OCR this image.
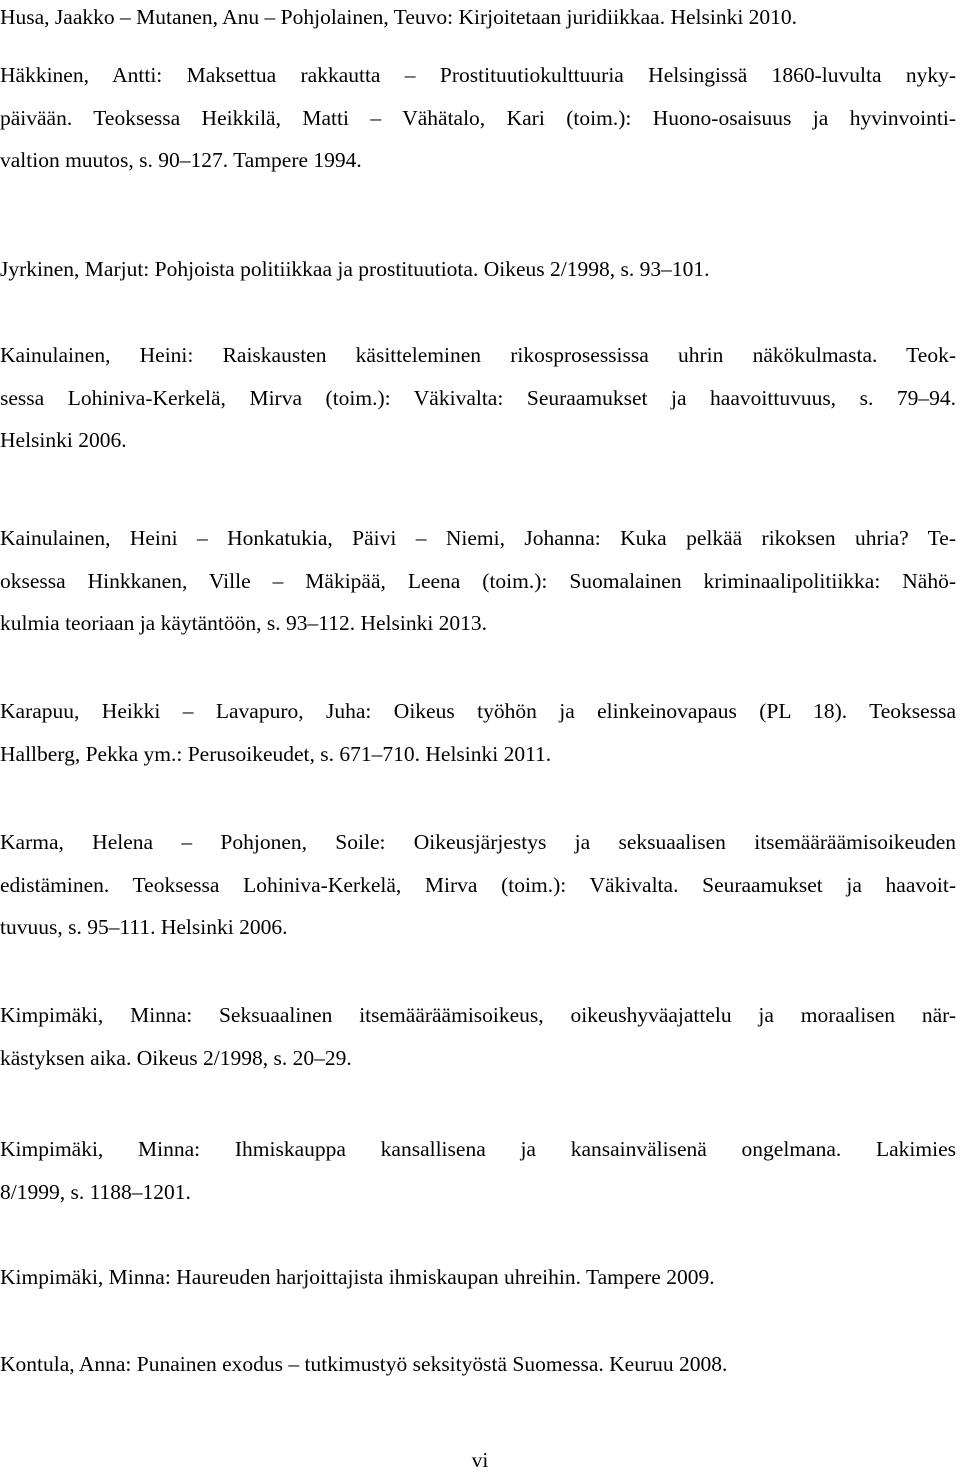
Husa, Jaakko – Mutanen, Anu – Pohjolainen, Teuvo: Kirjoitetaan juridiikkaa. Helsinki 2010.
Häkkinen, Antti: Maksettua rakkautta – Prostituutiokulttuuria Helsingissä 1860-luvulta nyky-
päivään. Teoksessa Heikkilä, Matti – Vähätalo, Kari (toim.): Huono-osaisuus ja hyvinvointi-
valtion muutos, s. 90–127. Tampere 1994.
Jyrkinen, Marjut: Pohjoista politiikkaa ja prostituutiota. Oikeus 2/1998, s. 93–101.
Kainulainen, Heini: Raiskausten käsitteleminen rikosprosessissa uhrin näkökulmasta. Teok-
sessa Lohiniva-Kerkelä, Mirva (toim.): Väkivalta: Seuraamukset ja haavoittuvuus, s. 79–94.
Helsinki 2006.
Kainulainen, Heini – Honkatukia, Päivi – Niemi, Johanna: Kuka pelkää rikoksen uhria? Te-
oksessa Hinkkanen, Ville – Mäkipää, Leena (toim.): Suomalainen kriminaalipolitiikka: Nähö-
kulmia teoriaan ja käytäntöön, s. 93–112. Helsinki 2013.
Karapuu, Heikki – Lavapuro, Juha: Oikeus työhön ja elinkeinovapaus (PL 18). Teoksessa
Hallberg, Pekka ym.: Perusoikeudet, s. 671–710. Helsinki 2011.
Karma, Helena – Pohjonen, Soile: Oikeusjärjestys ja seksuaalisen itsemääräämisoikeuden
edistäminen. Teoksessa Lohiniva-Kerkelä, Mirva (toim.): Väkivalta. Seuraamukset ja haavoit-
tuvuus, s. 95–111. Helsinki 2006.
Kimpimäki, Minna: Seksuaalinen itsemääräämisoikeus, oikeushyväajattelu ja moraalisen när-
kästyksen aika. Oikeus 2/1998, s. 20–29.
Kimpimäki, Minna: Ihmiskauppa kansallisena ja kansainvälisenä ongelmana. Lakimies
8/1999, s. 1188–1201.
Kimpimäki, Minna: Haureuden harjoittajista ihmiskaupan uhreihin. Tampere 2009.
Kontula, Anna: Punainen exodus – tutkimustyö seksityöstä Suomessa. Keuruu 2008.
vi
